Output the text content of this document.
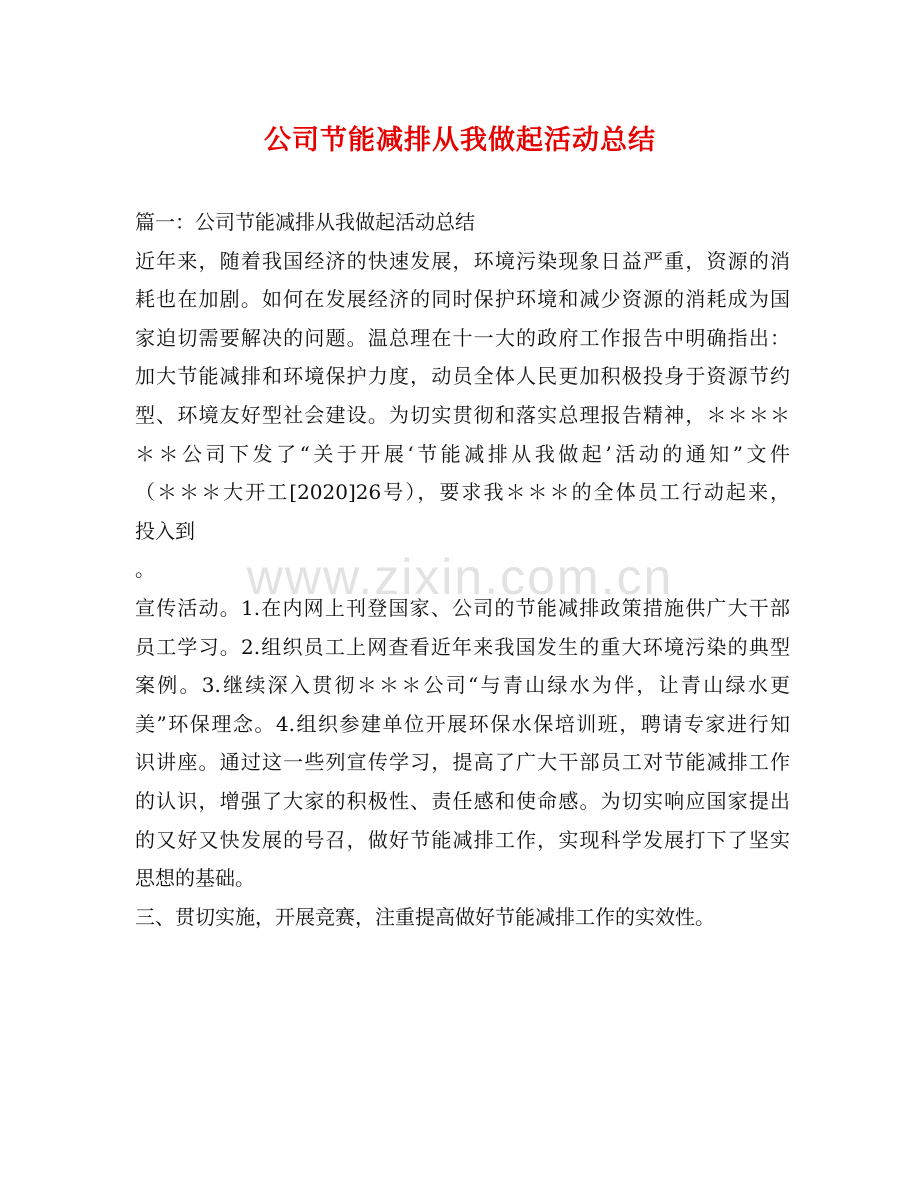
公司节能减排从我做起活动总结
篇一：公司节能减排从我做起活动总结
近年来，随着我国经济的快速发展，环境污染现象日益严重，资源的消
耗也在加剧。如何在发展经济的同时保护环境和减少资源的消耗成为国
家迫切需要解决的问题。温总理在十一大的政府工作报告中明确指出：
加大节能减排和环境保护力度，动员全体人民更加积极投身于资源节约
型、环境友好型社会建设。为切实贯彻和落实总理报告精神，＊＊＊＊
＊＊公司下发了“关于开展‘节能减排从我做起’活动的通知”文件
（＊＊＊大开工[2020]26号），要求我＊＊＊的全体员工行动起来，
投入到
。
宣传活动。1.在内网上刊登国家、公司的节能减排政策措施供广大干部
员工学习。2.组织员工上网查看近年来我国发生的重大环境污染的典型
案例。3.继续深入贯彻＊＊＊公司“与青山绿水为伴，让青山绿水更
美”环保理念。4.组织参建单位开展环保水保培训班，聘请专家进行知
识讲座。通过这一些列宣传学习，提高了广大干部员工对节能减排工作
的认识，增强了大家的积极性、责任感和使命感。为切实响应国家提出
的又好又快发展的号召，做好节能减排工作，实现科学发展打下了坚实
思想的基础。
三、贯切实施，开展竞赛，注重提高做好节能减排工作的实效性。
www.zixin.com.cn
